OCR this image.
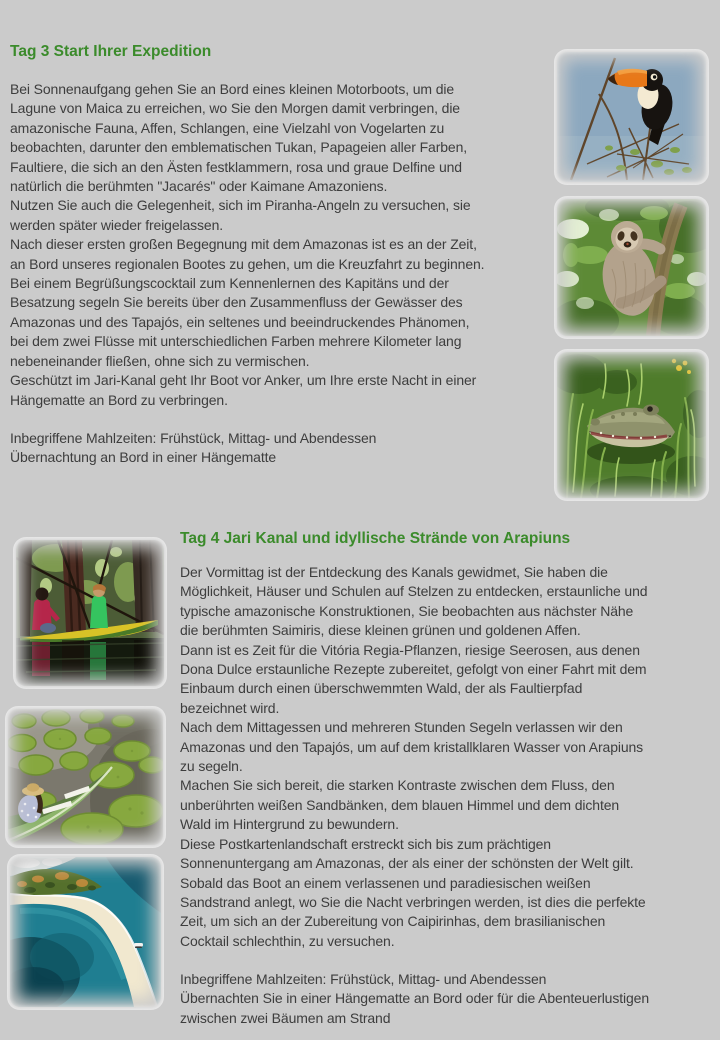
Tag 3 Start Ihrer Expedition
Bei Sonnenaufgang gehen Sie an Bord eines kleinen Motorboots, um die
Lagune von Maica zu erreichen, wo Sie den Morgen damit verbringen, die
amazonische Fauna, Affen, Schlangen, eine Vielzahl von Vogelarten zu
beobachten, darunter den emblematischen Tukan, Papageien aller Farben,
Faultiere, die sich an den Ästen festklammern, rosa und graue Delfine und
natürlich die berühmten "Jacarés" oder Kaimane Amazoniens.
Nutzen Sie auch die Gelegenheit, sich im Piranha-Angeln zu versuchen, sie
werden später wieder freigelassen.
Nach dieser ersten großen Begegnung mit dem Amazonas ist es an der Zeit,
an Bord unseres regionalen Bootes zu gehen, um die Kreuzfahrt zu beginnen.
Bei einem Begrüßungscocktail zum Kennenlernen des Kapitäns und der
Besatzung segeln Sie bereits über den Zusammenfluss der Gewässer des
Amazonas und des Tapajós, ein seltenes und beeindruckendes Phänomen,
bei dem zwei Flüsse mit unterschiedlichen Farben mehrere Kilometer lang
nebeneinander fließen, ohne sich zu vermischen.
Geschützt im Jari-Kanal geht Ihr Boot vor Anker, um Ihre erste Nacht in einer
Hängematte an Bord zu verbringen.
Inbegriffene Mahlzeiten: Frühstück, Mittag- und Abendessen
Übernachtung an Bord in einer Hängematte
Tag 4 Jari Kanal und idyllische Strände von Arapiuns
Der Vormittag ist der Entdeckung des Kanals gewidmet, Sie haben die
Möglichkeit, Häuser und Schulen auf Stelzen zu entdecken, erstaunliche und
typische amazonische Konstruktionen, Sie beobachten aus nächster Nähe
die berühmten Saimiris, diese kleinen grünen und goldenen Affen.
Dann ist es Zeit für die Vitória Regia-Pflanzen, riesige Seerosen, aus denen
Dona Dulce erstaunliche Rezepte zubereitet, gefolgt von einer Fahrt mit dem
Einbaum durch einen überschwemmten Wald, der als Faultierpfad
bezeichnet wird.
Nach dem Mittagessen und mehreren Stunden Segeln verlassen wir den
Amazonas und den Tapajós, um auf dem kristallklaren Wasser von Arapiuns
zu segeln.
Machen Sie sich bereit, die starken Kontraste zwischen dem Fluss, den
unberührten weißen Sandbänken, dem blauen Himmel und dem dichten
Wald im Hintergrund zu bewundern.
Diese Postkartenlandschaft erstreckt sich bis zum prächtigen
Sonnenuntergang am Amazonas, der als einer der schönsten der Welt gilt.
Sobald das Boot an einem verlassenen und paradiesischen weißen
Sandstrand anlegt, wo Sie die Nacht verbringen werden, ist dies die perfekte
Zeit, um sich an der Zubereitung von Caipirinhas, dem brasilianischen
Cocktail schlechthin, zu versuchen.
Inbegriffene Mahlzeiten: Frühstück, Mittag- und Abendessen
Übernachten Sie in einer Hängematte an Bord oder für die Abenteuerlustigen
zwischen zwei Bäumen am Strand
